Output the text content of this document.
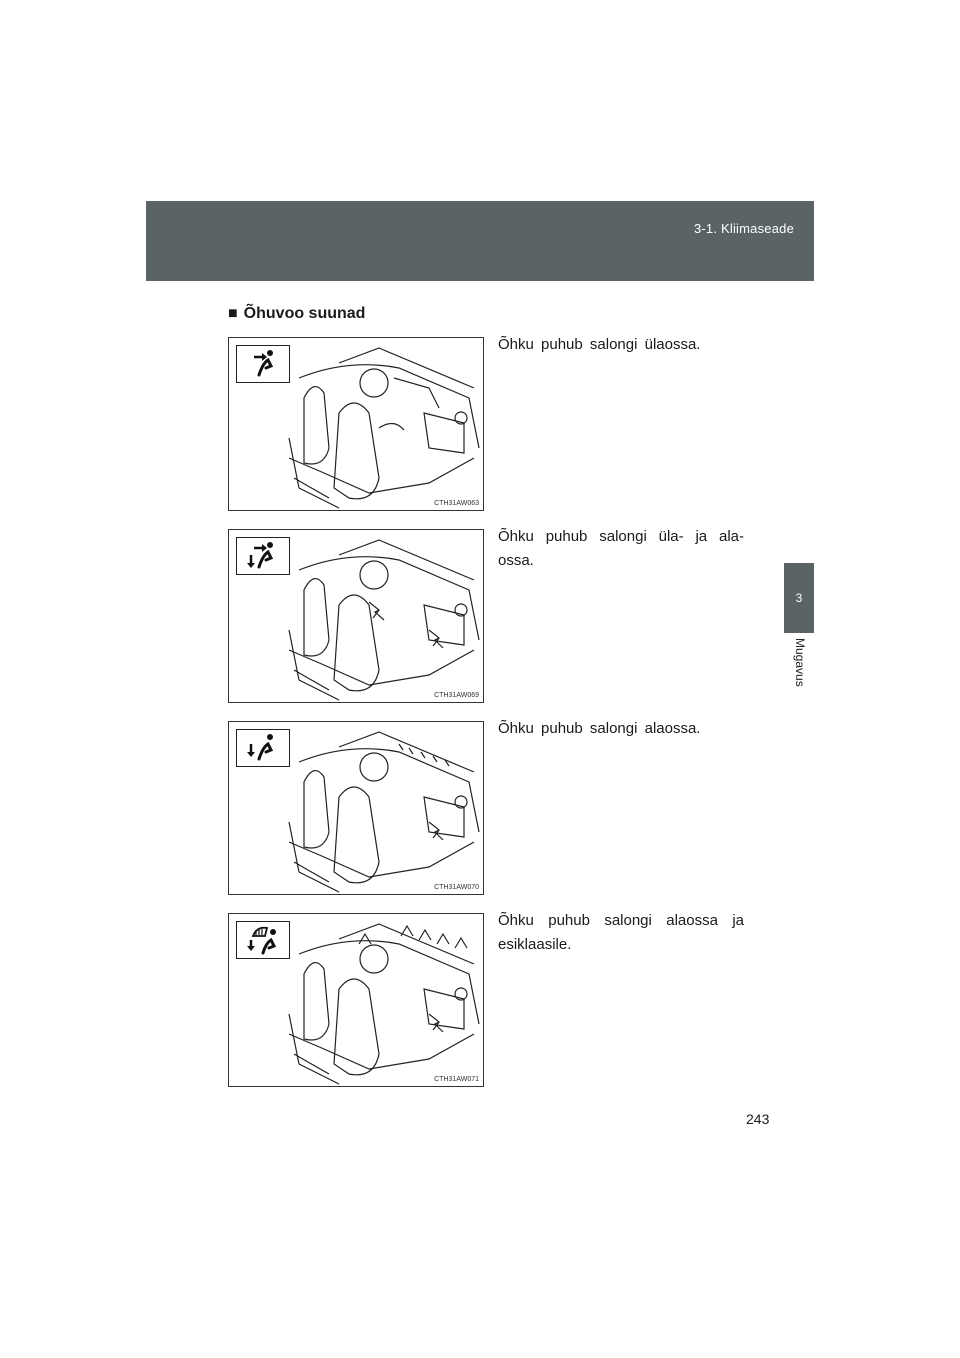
3-1. Kliimaseade
3
Mugavus
■ Õhuvoo suunad
CTH31AW063
Õhku puhub salongi ülaossa.
CTH31AW069
Õhku puhub salongi üla- ja ala-ossa.
CTH31AW070
Õhku puhub salongi alaossa.
CTH31AW071
Õhku puhub salongi alaossa ja esiklaasile.
243
